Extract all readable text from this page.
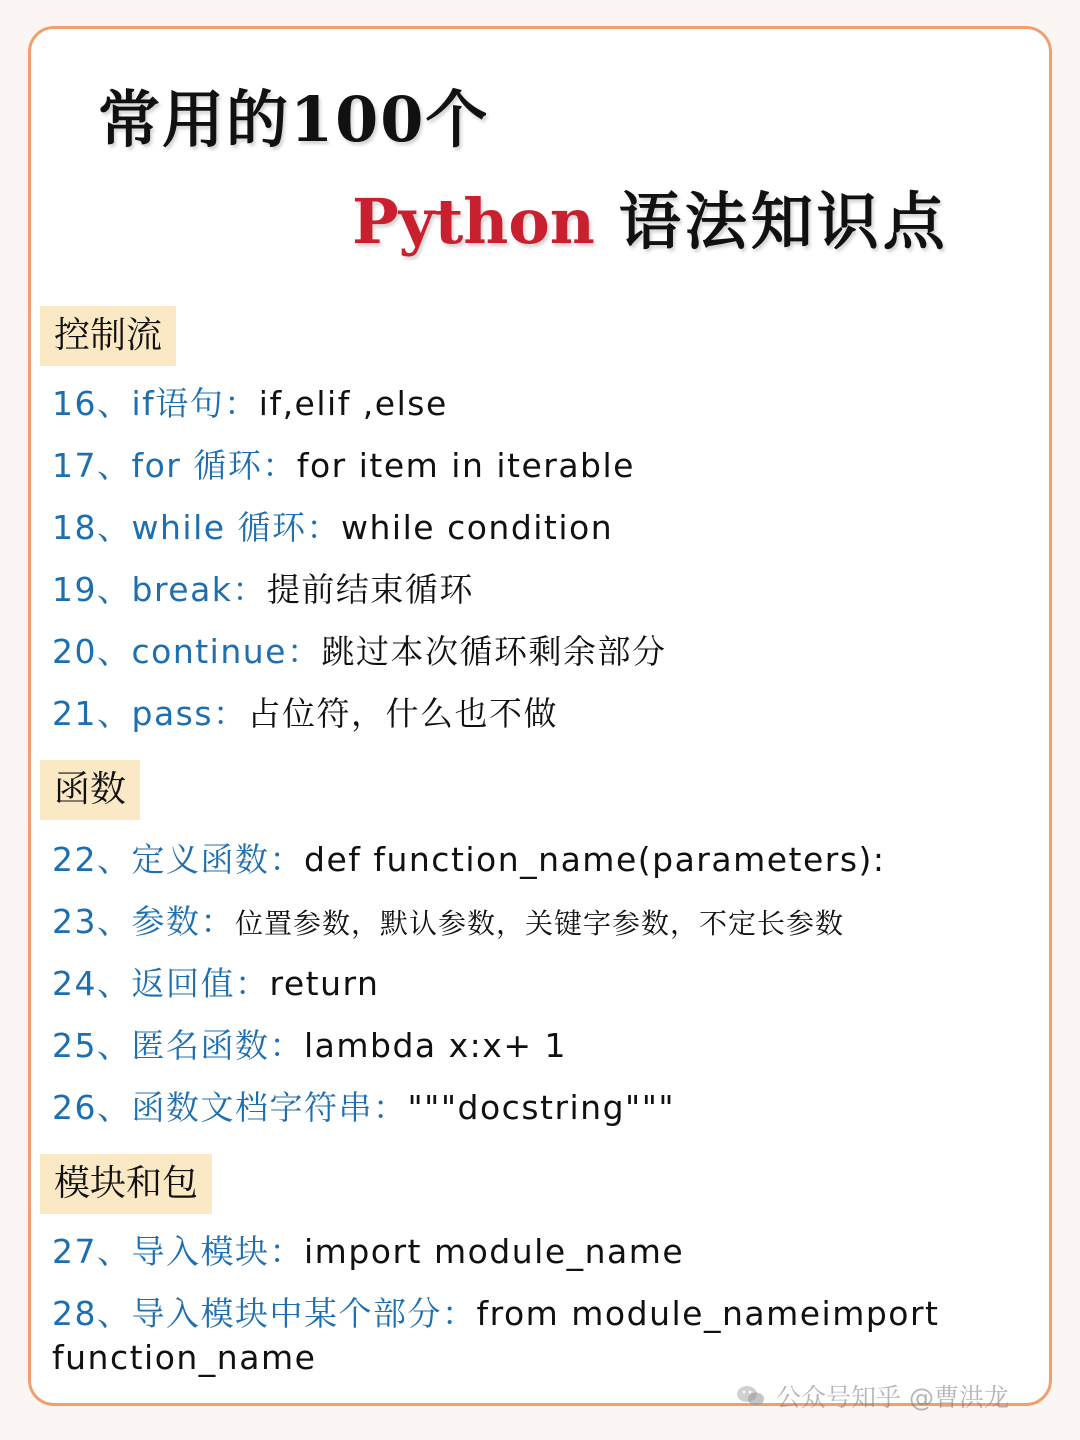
常用的100个
Python 语法知识点
控制流
16、if语句：if,elif ,else
17、for 循环：for item in iterable
18、while 循环：while condition
19、break：提前结束循环
20、continue：跳过本次循环剩余部分
21、pass：占位符，什么也不做
函数
22、定义函数：def function_name(parameters):
23、参数：位置参数，默认参数，关键字参数，不定长参数
24、返回值：return
25、匿名函数：lambda x:x+ 1
26、函数文档字符串："""docstring"""
模块和包
27、导入模块：import module_name
28、导入模块中某个部分：from module_nameimport function_name
公众号知乎 @曹洪龙
